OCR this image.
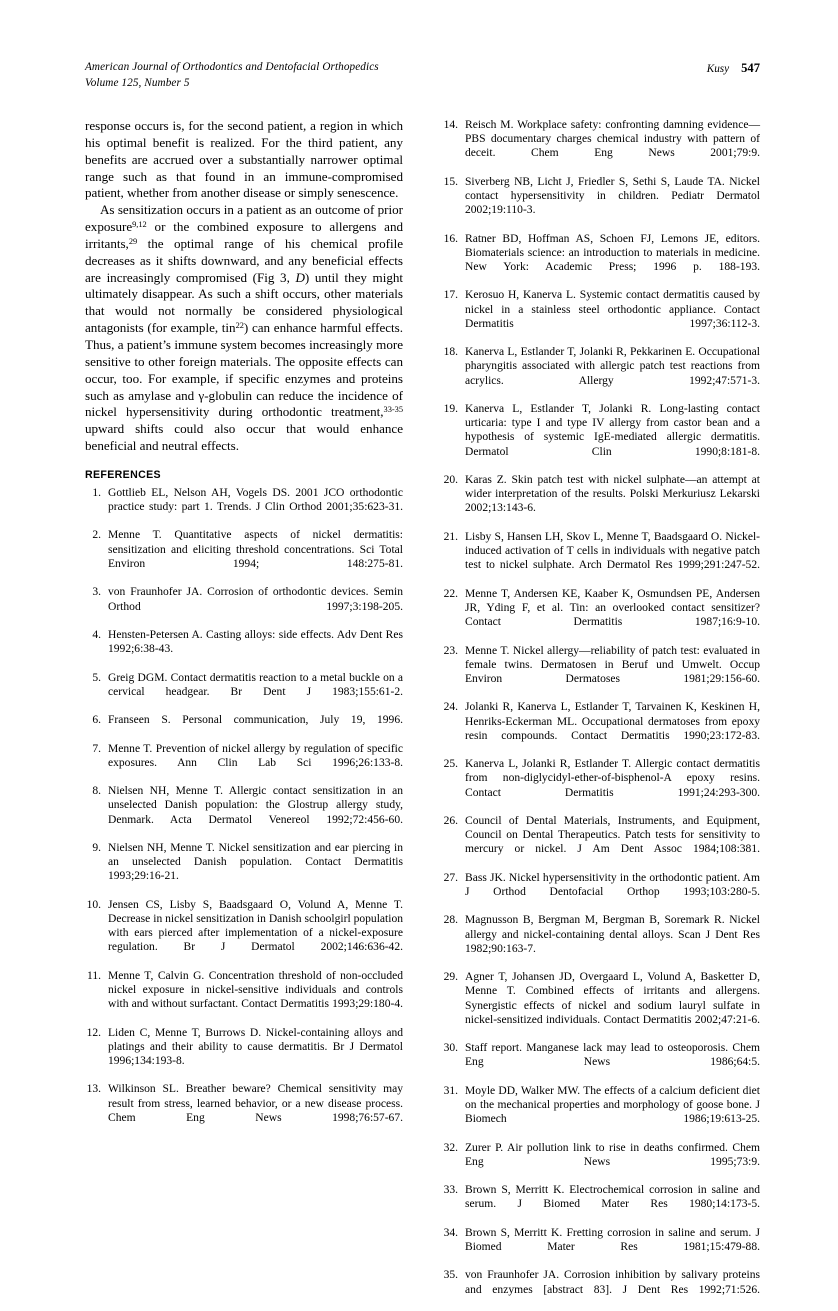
American Journal of Orthodontics and Dentofacial Orthopedics
Volume 125, Number 5
Kusy 547

response occurs is, for the second patient, a region in which his optimal benefit is realized. For the third patient, any benefits are accrued over a substantially narrower optimal range such as that found in an immune-compromised patient, whether from another disease or simply senescence.

As sensitization occurs in a patient as an outcome of prior exposure$^{9,12}$ or the combined exposure to allergens and irritants,$^{29}$ the optimal range of his chemical profile decreases as it shifts downward, and any beneficial effects are increasingly compromised (Fig 3, D) until they might ultimately disappear. As such a shift occurs, other materials that would not normally be considered physiological antagonists (for example, tin$^{22}$) can enhance harmful effects. Thus, a patient’s immune system becomes increasingly more sensitive to other foreign materials. The opposite effects can occur, too. For example, if specific enzymes and proteins such as amylase and γ-globulin can reduce the incidence of nickel hypersensitivity during orthodontic treatment,$^{33-35}$ upward shifts could also occur that would enhance beneficial and neutral effects.

REFERENCES
1. Gottlieb EL, Nelson AH, Vogels DS. 2001 JCO orthodontic practice study: part 1. Trends. J Clin Orthod 2001;35:623-31.
2. Menne T. Quantitative aspects of nickel dermatitis: sensitization and eliciting threshold concentrations. Sci Total Environ 1994; 148:275-81.
3. von Fraunhofer JA. Corrosion of orthodontic devices. Semin Orthod 1997;3:198-205.
4. Hensten-Petersen A. Casting alloys: side effects. Adv Dent Res 1992;6:38-43.
5. Greig DGM. Contact dermatitis reaction to a metal buckle on a cervical headgear. Br Dent J 1983;155:61-2.
6. Franseen S. Personal communication, July 19, 1996.
7. Menne T. Prevention of nickel allergy by regulation of specific exposures. Ann Clin Lab Sci 1996;26:133-8.
8. Nielsen NH, Menne T. Allergic contact sensitization in an unselected Danish population: the Glostrup allergy study, Denmark. Acta Dermatol Venereol 1992;72:456-60.
9. Nielsen NH, Menne T. Nickel sensitization and ear piercing in an unselected Danish population. Contact Dermatitis 1993;29:16-21.
10. Jensen CS, Lisby S, Baadsgaard O, Volund A, Menne T. Decrease in nickel sensitization in Danish schoolgirl population with ears pierced after implementation of a nickel-exposure regulation. Br J Dermatol 2002;146:636-42.
11. Menne T, Calvin G. Concentration threshold of non-occluded nickel exposure in nickel-sensitive individuals and controls with and without surfactant. Contact Dermatitis 1993;29:180-4.
12. Liden C, Menne T, Burrows D. Nickel-containing alloys and platings and their ability to cause dermatitis. Br J Dermatol 1996;134:193-8.
13. Wilkinson SL. Breather beware? Chemical sensitivity may result from stress, learned behavior, or a new disease process. Chem Eng News 1998;76:57-67.
14. Reisch M. Workplace safety: confronting damning evidence—PBS documentary charges chemical industry with pattern of deceit. Chem Eng News 2001;79:9.
15. Siverberg NB, Licht J, Friedler S, Sethi S, Laude TA. Nickel contact hypersensitivity in children. Pediatr Dermatol 2002;19:110-3.
16. Ratner BD, Hoffman AS, Schoen FJ, Lemons JE, editors. Biomaterials science: an introduction to materials in medicine. New York: Academic Press; 1996 p. 188-193.
17. Kerosuo H, Kanerva L. Systemic contact dermatitis caused by nickel in a stainless steel orthodontic appliance. Contact Dermatitis 1997;36:112-3.
18. Kanerva L, Estlander T, Jolanki R, Pekkarinen E. Occupational pharyngitis associated with allergic patch test reactions from acrylics. Allergy 1992;47:571-3.
19. Kanerva L, Estlander T, Jolanki R. Long-lasting contact urticaria: type I and type IV allergy from castor bean and a hypothesis of systemic IgE-mediated allergic dermatitis. Dermatol Clin 1990;8:181-8.
20. Karas Z. Skin patch test with nickel sulphate—an attempt at wider interpretation of the results. Polski Merkuriusz Lekarski 2002;13:143-6.
21. Lisby S, Hansen LH, Skov L, Menne T, Baadsgaard O. Nickel-induced activation of T cells in individuals with negative patch test to nickel sulphate. Arch Dermatol Res 1999;291:247-52.
22. Menne T, Andersen KE, Kaaber K, Osmundsen PE, Andersen JR, Yding F, et al. Tin: an overlooked contact sensitizer? Contact Dermatitis 1987;16:9-10.
23. Menne T. Nickel allergy—reliability of patch test: evaluated in female twins. Dermatosen in Beruf und Umwelt. Occup Environ Dermatoses 1981;29:156-60.
24. Jolanki R, Kanerva L, Estlander T, Tarvainen K, Keskinen H, Henriks-Eckerman ML. Occupational dermatoses from epoxy resin compounds. Contact Dermatitis 1990;23:172-83.
25. Kanerva L, Jolanki R, Estlander T. Allergic contact dermatitis from non-diglycidyl-ether-of-bisphenol-A epoxy resins. Contact Dermatitis 1991;24:293-300.
26. Council of Dental Materials, Instruments, and Equipment, Council on Dental Therapeutics. Patch tests for sensitivity to mercury or nickel. J Am Dent Assoc 1984;108:381.
27. Bass JK. Nickel hypersensitivity in the orthodontic patient. Am J Orthod Dentofacial Orthop 1993;103:280-5.
28. Magnusson B, Bergman M, Bergman B, Soremark R. Nickel allergy and nickel-containing dental alloys. Scan J Dent Res 1982;90:163-7.
29. Agner T, Johansen JD, Overgaard L, Volund A, Basketter D, Menne T. Combined effects of irritants and allergens. Synergistic effects of nickel and sodium lauryl sulfate in nickel-sensitized individuals. Contact Dermatitis 2002;47:21-6.
30. Staff report. Manganese lack may lead to osteoporosis. Chem Eng News 1986;64:5.
31. Moyle DD, Walker MW. The effects of a calcium deficient diet on the mechanical properties and morphology of goose bone. J Biomech 1986;19:613-25.
32. Zurer P. Air pollution link to rise in deaths confirmed. Chem Eng News 1995;73:9.
33. Brown S, Merritt K. Electrochemical corrosion in saline and serum. J Biomed Mater Res 1980;14:173-5.
34. Brown S, Merritt K. Fretting corrosion in saline and serum. J Biomed Mater Res 1981;15:479-88.
35. von Fraunhofer JA. Corrosion inhibition by salivary proteins and enzymes [abstract 83]. J Dent Res 1992;71:526.
